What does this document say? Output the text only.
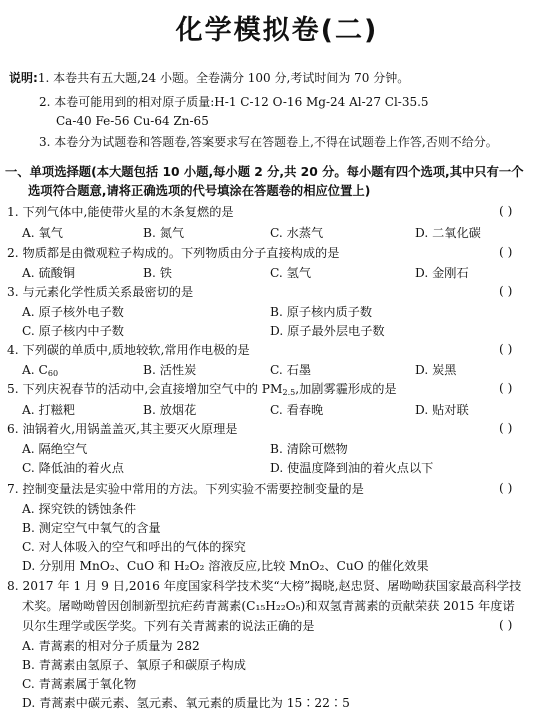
化学模拟卷(二)
说明:1. 本卷共有五大题,24 小题。全卷满分 100 分,考试时间为 70 分钟。
2. 本卷可能用到的相对原子质量:H-1 C-12 O-16 Mg-24 Al-27 Cl-35.5
Ca-40 Fe-56 Cu-64 Zn-65
3. 本卷分为试题卷和答题卷,答案要求写在答题卷上,不得在试题卷上作答,否则不给分。
一、单项选择题(本大题包括 10 小题,每小题 2 分,共 20 分。每小题有四个选项,其中只有一个
选项符合题意,请将正确选项的代号填涂在答题卷的相应位置上)
1. 下列气体中,能使带火星的木条复燃的是	( )
A. 氧气	B. 氮气	C. 水蒸气	D. 二氧化碳
2. 物质都是由微观粒子构成的。下列物质由分子直接构成的是	( )
A. 硫酸铜	B. 铁	C. 氢气	D. 金刚石
3. 与元素化学性质关系最密切的是	( )
A. 原子核外电子数	B. 原子核内质子数
C. 原子核内中子数	D. 原子最外层电子数
4. 下列碳的单质中,质地较软,常用作电极的是	( )
A. $C_{60}$	B. 活性炭	C. 石墨	D. 炭黑
5. 下列庆祝春节的活动中,会直接增加空气中的 $PM_{2.5}$,加剧雾霾形成的是	( )
A. 打糍粑	B. 放烟花	C. 看春晚	D. 贴对联
6. 油锅着火,用锅盖盖灭,其主要灭火原理是	( )
A. 隔绝空气	B. 清除可燃物
C. 降低油的着火点	D. 使温度降到油的着火点以下
7. 控制变量法是实验中常用的方法。下列实验不需要控制变量的是	( )
A. 探究铁的锈蚀条件
B. 测定空气中氧气的含量
C. 对人体吸入的空气和呼出的气体的探究
D. 分别用 MnO₂、CuO 和 H₂O₂ 溶液反应,比较 MnO₂、CuO 的催化效果
8. 2017 年 1 月 9 日,2016 年度国家科学技术奖“大榜”揭晓,赵忠贤、屠呦呦获国家最高科学技
术奖。屠呦呦曾因创制新型抗疟药青蒿素(C₁₅H₂₂O₅)和双氢青蒿素的贡献荣获 2015 年度诺
贝尔生理学或医学奖。下列有关青蒿素的说法正确的是	( )
A. 青蒿素的相对分子质量为 282
B. 青蒿素由氢原子、氧原子和碳原子构成
C. 青蒿素属于氧化物
D. 青蒿素中碳元素、氢元素、氧元素的质量比为 15∶22∶5
